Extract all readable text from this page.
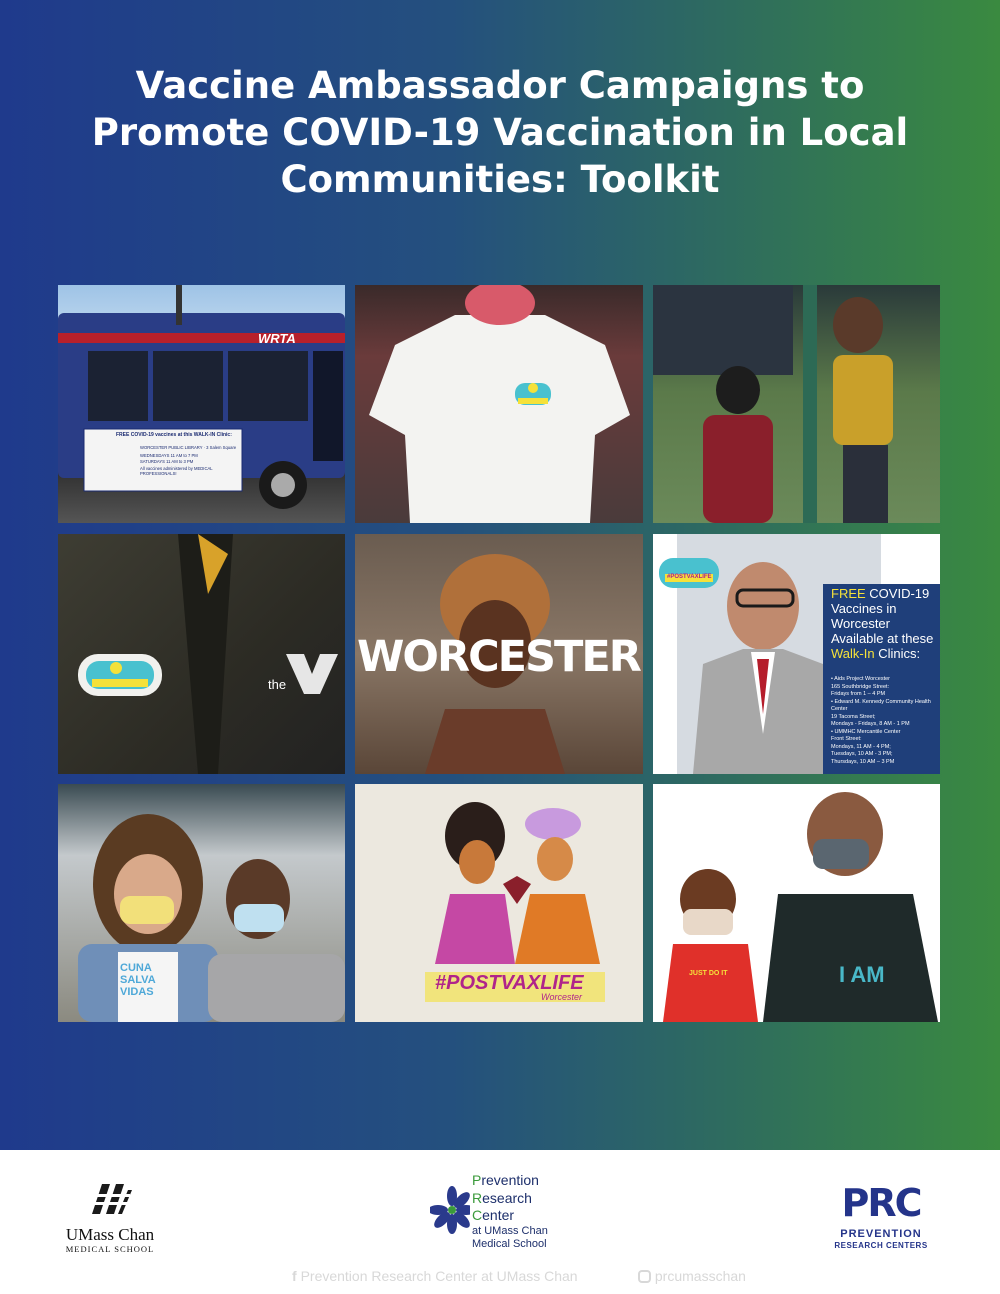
Vaccine Ambassador Campaigns to Promote COVID-19 Vaccination in Local Communities: Toolkit
WRTA
FREE COVID-19 vaccines at this WALK-IN Clinic:
WORCESTER PUBLIC LIBRARY · 3 Salem Square
WEDNESDAYS 11 AM to 7 PM
SATURDAYS 11 AM to 3 PM
All vaccines administered by MEDICAL PROFESSIONALS!
the
WORCESTER
FREE COVID-19 Vaccines in Worcester Available at these Walk-In Clinics:
• Aids Project Worcester
165 Southbridge Street:
Fridays from 1 – 4 PM
• Edward M. Kennedy Community Health Center
19 Tacoma Street;
Mondays - Fridays, 8 AM - 1 PM
• UMMHC Mercantile Center
Front Street:
Mondays, 11 AM - 4 PM;
Tuesdays, 10 AM - 3 PM;
Thursdays, 10 AM – 3 PM
#POSTVAXLIFE
CUNA SALVA VIDAS	#POSTVAXLIFE
Worcester
I AM
JUST DO IT
UMass Chan
MEDICAL SCHOOL
Prevention
Research
Center
at UMass Chan
Medical School
PRC
PREVENTION
RESEARCH CENTERS
f Prevention Research Center at UMass Chan	prcumasschan
